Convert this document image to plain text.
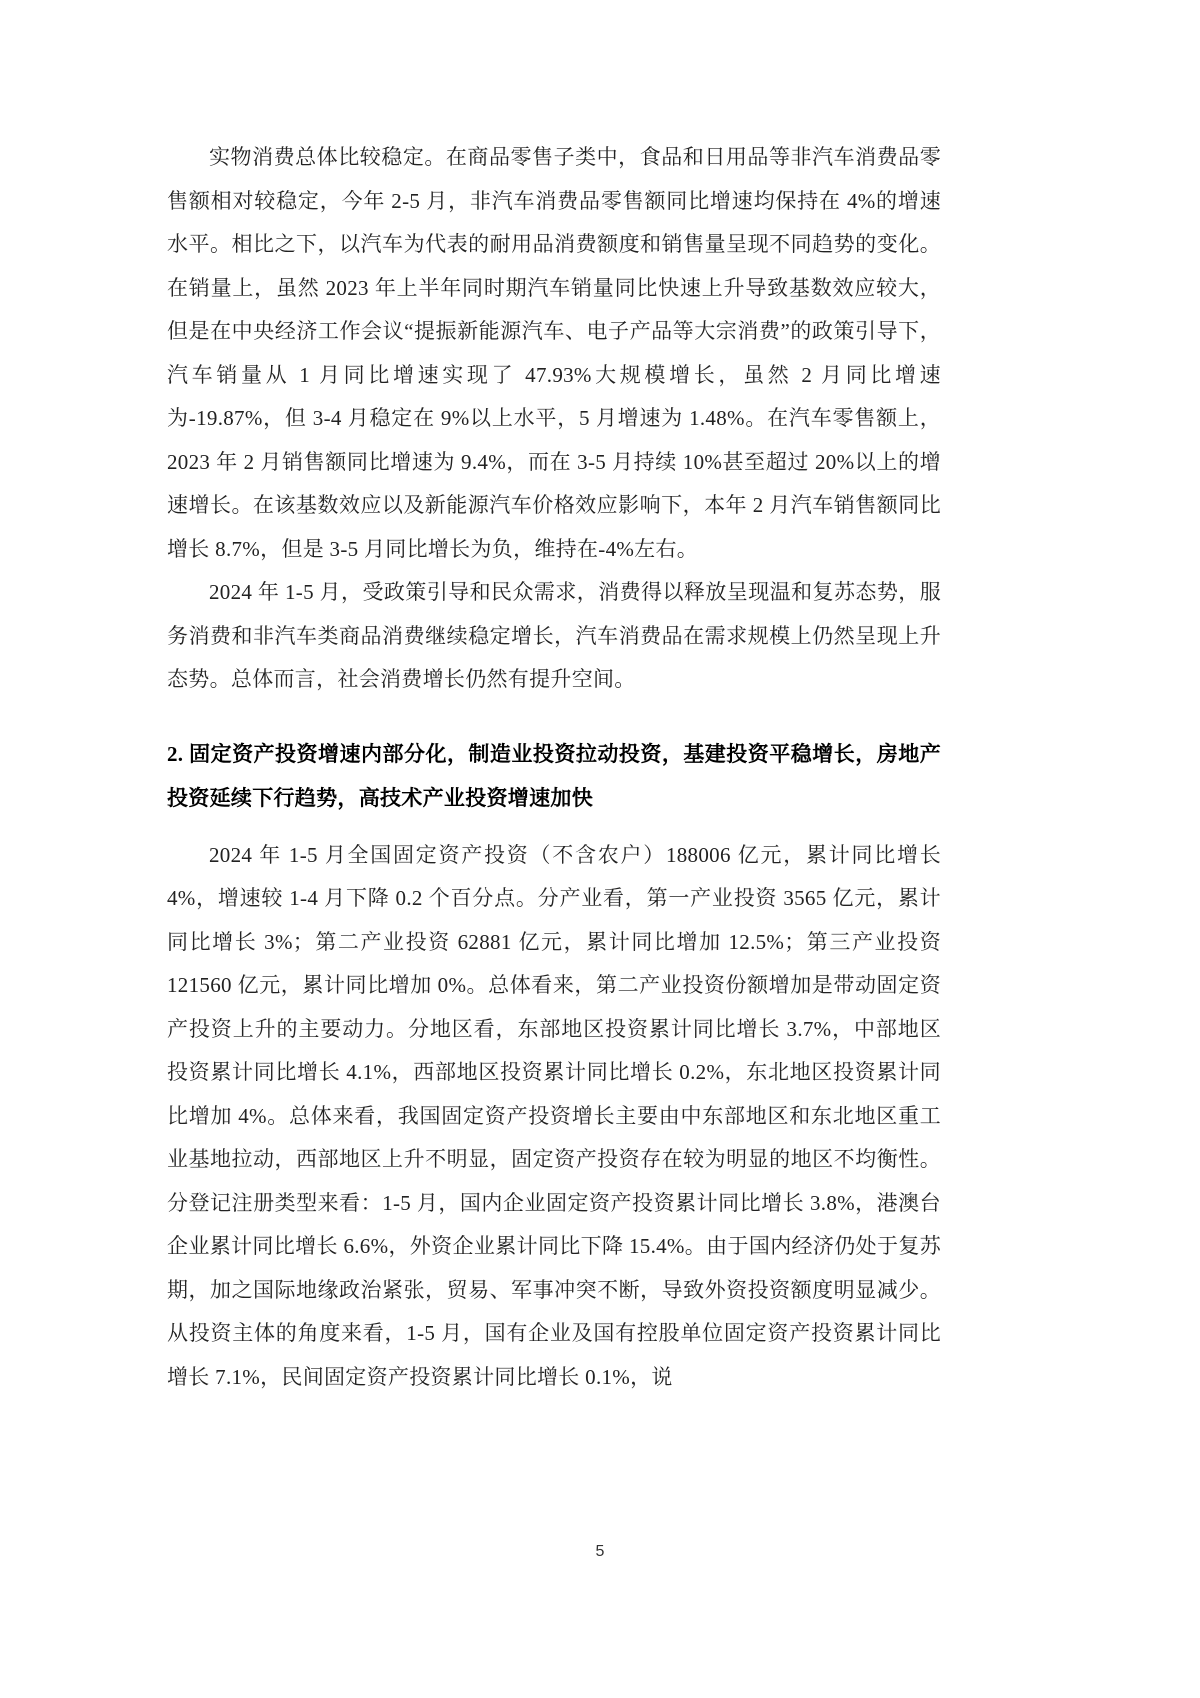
实物消费总体比较稳定。在商品零售子类中，食品和日用品等非汽车消费品零售额相对较稳定，今年 2-5 月，非汽车消费品零售额同比增速均保持在 4%的增速水平。相比之下，以汽车为代表的耐用品消费额度和销售量呈现不同趋势的变化。在销量上，虽然 2023 年上半年同时期汽车销量同比快速上升导致基数效应较大，但是在中央经济工作会议“提振新能源汽车、电子产品等大宗消费”的政策引导下，汽车销量从 1 月同比增速实现了 47.93%大规模增长，虽然 2 月同比增速为-19.87%，但 3-4 月稳定在 9%以上水平，5 月增速为 1.48%。在汽车零售额上，2023 年 2 月销售额同比增速为 9.4%，而在 3-5 月持续 10%甚至超过 20%以上的增速增长。在该基数效应以及新能源汽车价格效应影响下，本年 2 月汽车销售额同比增长 8.7%，但是 3-5 月同比增长为负，维持在-4%左右。

2024 年 1-5 月，受政策引导和民众需求，消费得以释放呈现温和复苏态势，服务消费和非汽车类商品消费继续稳定增长，汽车消费品在需求规模上仍然呈现上升态势。总体而言，社会消费增长仍然有提升空间。

2. 固定资产投资增速内部分化，制造业投资拉动投资，基建投资平稳增长，房地产投资延续下行趋势，高技术产业投资增速加快

2024 年 1-5 月全国固定资产投资（不含农户）188006 亿元，累计同比增长 4%，增速较 1-4 月下降 0.2 个百分点。分产业看，第一产业投资 3565 亿元，累计同比增长 3%；第二产业投资 62881 亿元，累计同比增加 12.5%；第三产业投资 121560 亿元，累计同比增加 0%。总体看来，第二产业投资份额增加是带动固定资产投资上升的主要动力。分地区看，东部地区投资累计同比增长 3.7%，中部地区投资累计同比增长 4.1%，西部地区投资累计同比增长 0.2%，东北地区投资累计同比增加 4%。总体来看，我国固定资产投资增长主要由中东部地区和东北地区重工业基地拉动，西部地区上升不明显，固定资产投资存在较为明显的地区不均衡性。分登记注册类型来看：1-5 月，国内企业固定资产投资累计同比增长 3.8%，港澳台企业累计同比增长 6.6%，外资企业累计同比下降 15.4%。由于国内经济仍处于复苏期，加之国际地缘政治紧张，贸易、军事冲突不断，导致外资投资额度明显减少。从投资主体的角度来看，1-5 月，国有企业及国有控股单位固定资产投资累计同比增长 7.1%，民间固定资产投资累计同比增长 0.1%，说

5
